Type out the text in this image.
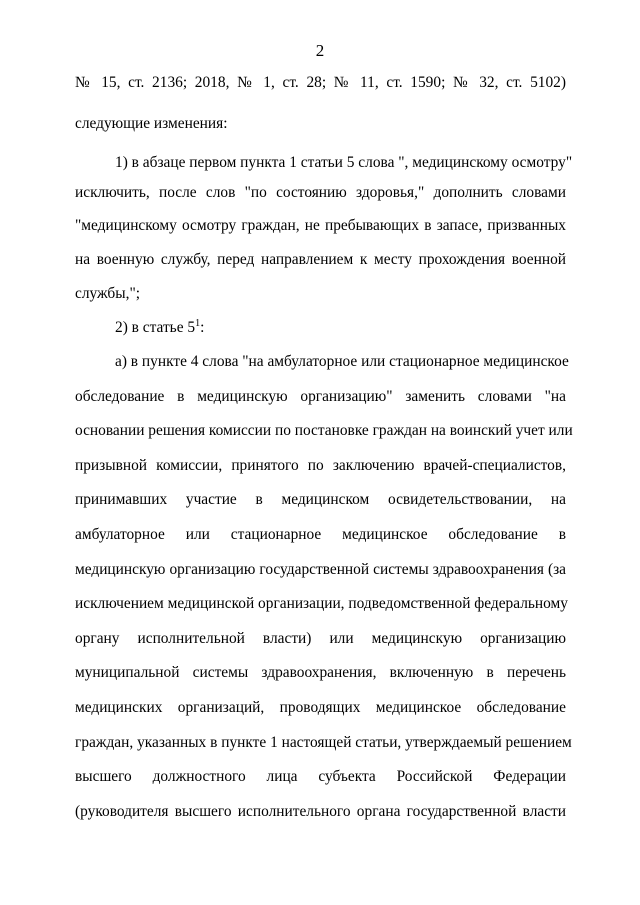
2
№ 15, ст. 2136; 2018, № 1, ст. 28; № 11, ст. 1590; № 32, ст. 5102)
следующие изменения:
1) в абзаце первом пункта 1 статьи 5 слова ", медицинскому осмотру"
исключить, после слов "по состоянию здоровья," дополнить словами
"медицинскому осмотру граждан, не пребывающих в запасе, призванных
на военную службу, перед направлением к месту прохождения военной
службы,";
2) в статье $5^1$:
а) в пункте 4 слова "на амбулаторное или стационарное медицинское
обследование в медицинскую организацию" заменить словами "на
основании решения комиссии по постановке граждан на воинский учет или
призывной комиссии, принятого по заключению врачей-специалистов,
принимавших участие в медицинском освидетельствовании, на
амбулаторное или стационарное медицинское обследование в
медицинскую организацию государственной системы здравоохранения (за
исключением медицинской организации, подведомственной федеральному
органу исполнительной власти) или медицинскую организацию
муниципальной системы здравоохранения, включенную в перечень
медицинских организаций, проводящих медицинское обследование
граждан, указанных в пункте 1 настоящей статьи, утверждаемый решением
высшего должностного лица субъекта Российской Федерации
(руководителя высшего исполнительного органа государственной власти
